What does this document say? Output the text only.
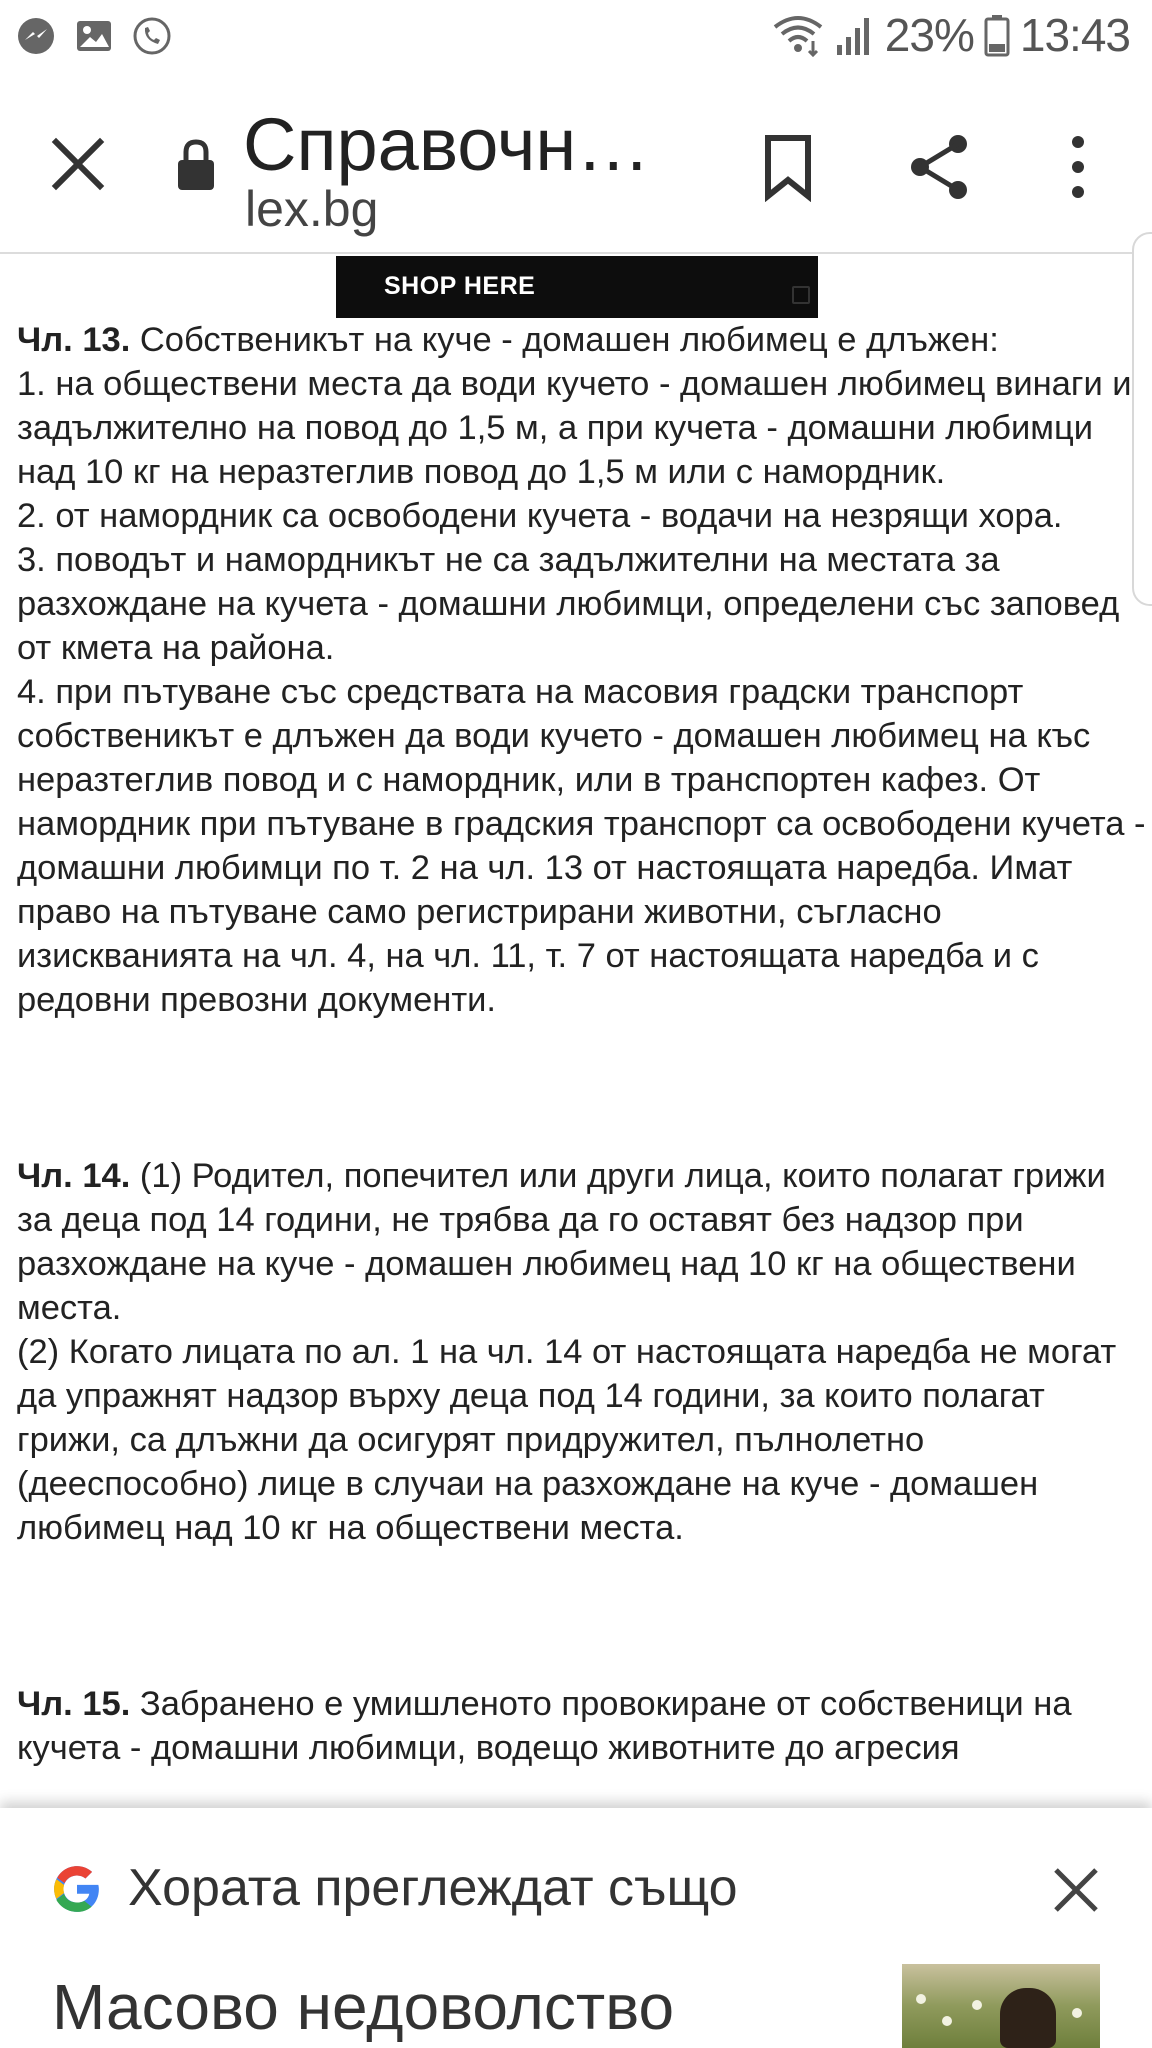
23% 13:43
Справочн…
lex.bg
SHOP HERE

Чл. 13. Собственикът на куче - домашен любимец е длъжен:

1. на обществени места да води кучето - домашен любимец винаги и задължително на повод до 1,5 м, а при кучета - домашни любимци над 10 кг на неразтеглив повод до 1,5 м или с намордник.

2. от намордник са освободени кучета - водачи на незрящи хора.

3. поводът и намордникът не са задължителни на местата за разхождане на кучета - домашни любимци, определени със заповед от кмета на района.

4. при пътуване със средствата на масовия градски транспорт собственикът е длъжен да води кучето - домашен любимец на къс неразтеглив повод и с намордник, или в транспортен кафез. От намордник при пътуване в градския транспорт са освободени кучета - домашни любимци по т. 2 на чл. 13 от настоящата наредба. Имат право на пътуване само регистрирани животни, съгласно изискванията на чл. 4, на чл. 11, т. 7 от настоящата наредба и с редовни превозни документи.

Чл. 14. (1) Родител, попечител или други лица, които полагат грижи за деца под 14 години, не трябва да го оставят без надзор при разхождане на куче - домашен любимец над 10 кг на обществени места.

(2) Когато лицата по ал. 1 на чл. 14 от настоящата наредба не могат да упражнят надзор върху деца под 14 години, за които полагат грижи, са длъжни да осигурят придружител, пълнолетно (дееспособно) лице в случаи на разхождане на куче - домашен любимец над 10 кг на обществени места.

Чл. 15. Забранено е умишленото провокиране от собственици на кучета - домашни любимци, водещо животните до агресия

Хората преглеждат също
Масово недоволство
